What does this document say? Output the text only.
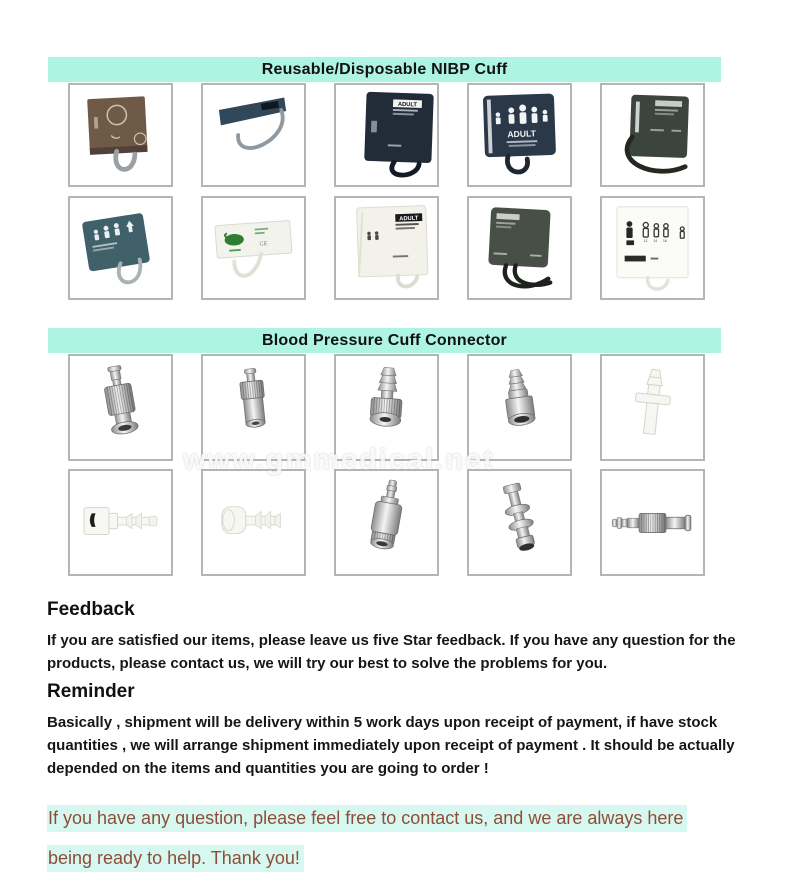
Reusable/Disposable NIBP Cuff
ADULT
ADULT
CE
ADULT
12 14 16
Blood Pressure Cuff Connector
www.gmmedical.net
Feedback
If you are satisfied our items, please leave us five Star feedback. If you have any question for the products, please contact us, we will try our best to solve the problems for you.
Reminder
Basically , shipment will be delivery within 5 work days upon receipt of payment, if have stock quantities , we will arrange shipment immediately upon receipt of payment . It should be actually depended on the items and quantities you are going to order !
If you have any question, please feel free to contact us, and we are always here
being ready to help. Thank you!
